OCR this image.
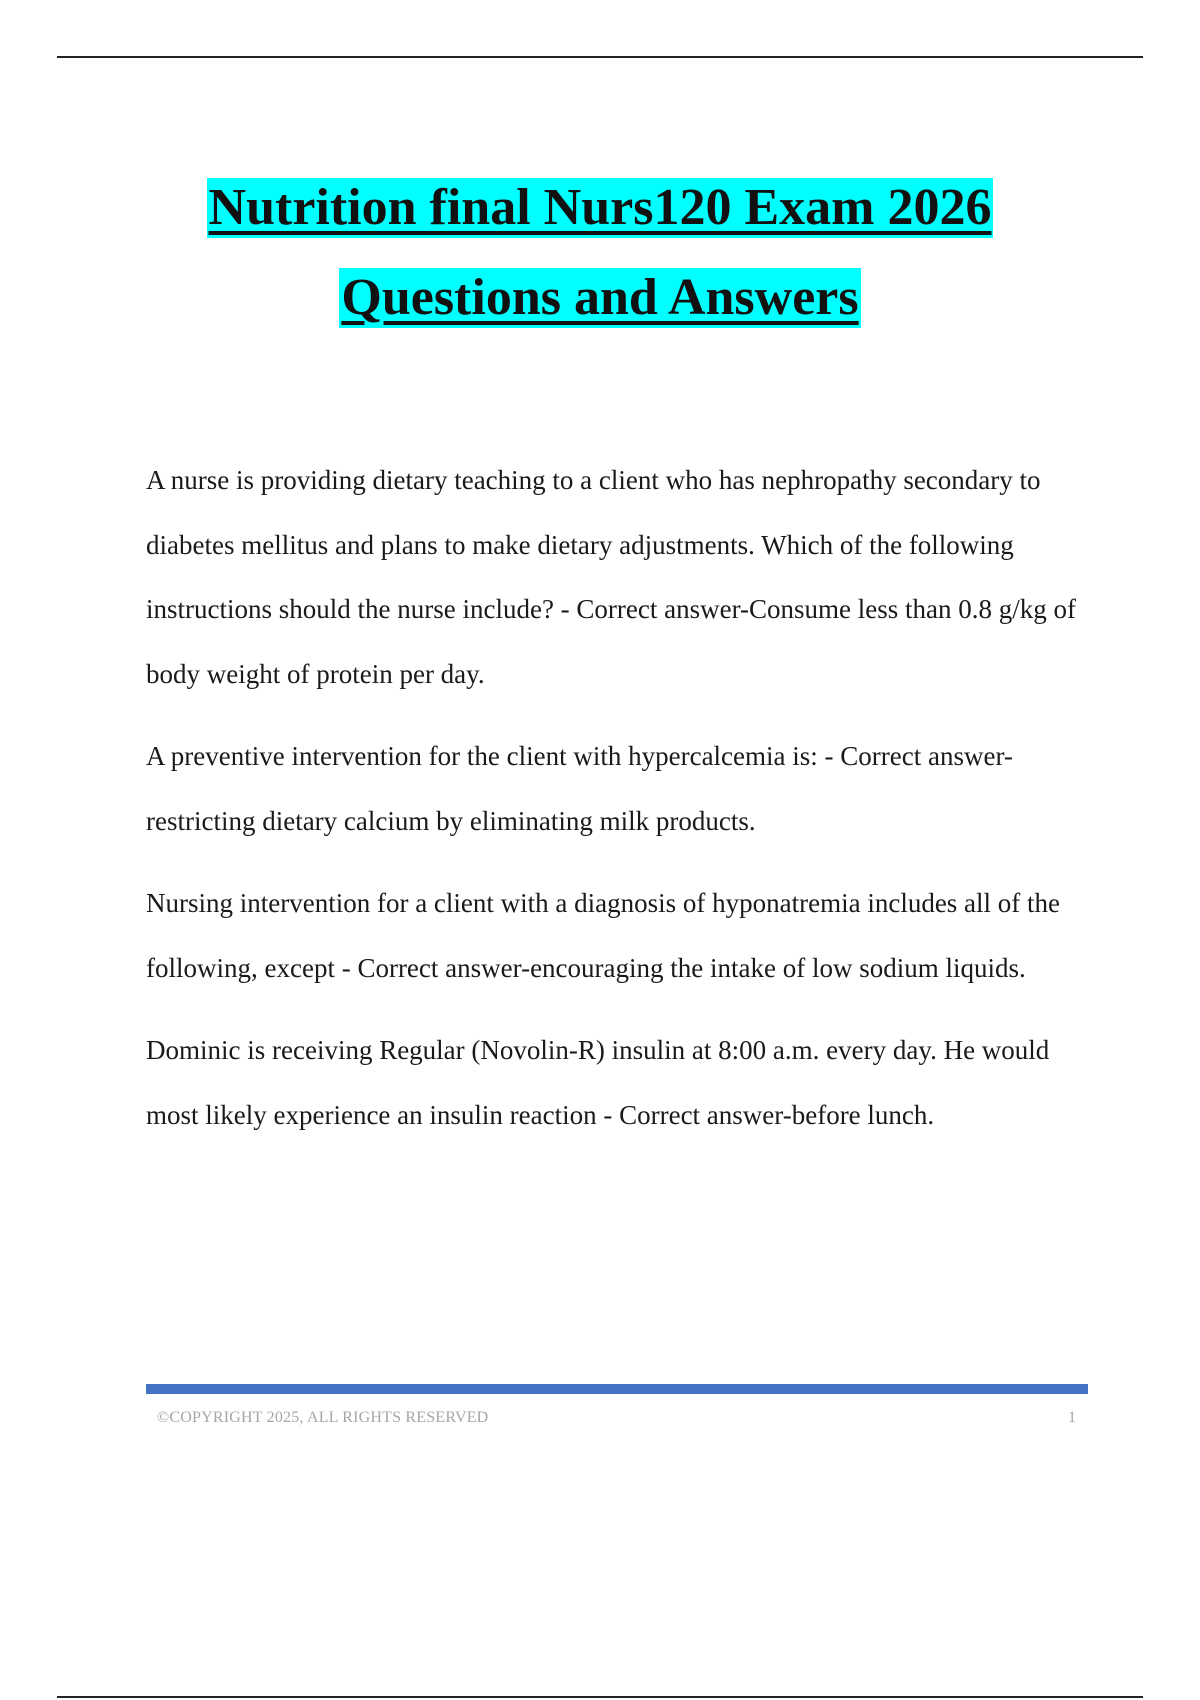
Nutrition final Nurs120 Exam 2026
Questions and Answers

A nurse is providing dietary teaching to a client who has nephropathy secondary to diabetes mellitus and plans to make dietary adjustments. Which of the following instructions should the nurse include? - Correct answer-Consume less than 0.8 g/kg of body weight of protein per day.

A preventive intervention for the client with hypercalcemia is: - Correct answer-restricting dietary calcium by eliminating milk products.

Nursing intervention for a client with a diagnosis of hyponatremia includes all of the following, except - Correct answer-encouraging the intake of low sodium liquids.

Dominic is receiving Regular (Novolin-R) insulin at 8:00 a.m. every day. He would most likely experience an insulin reaction - Correct answer-before lunch.

©COPYRIGHT 2025, ALL RIGHTS RESERVED	1
